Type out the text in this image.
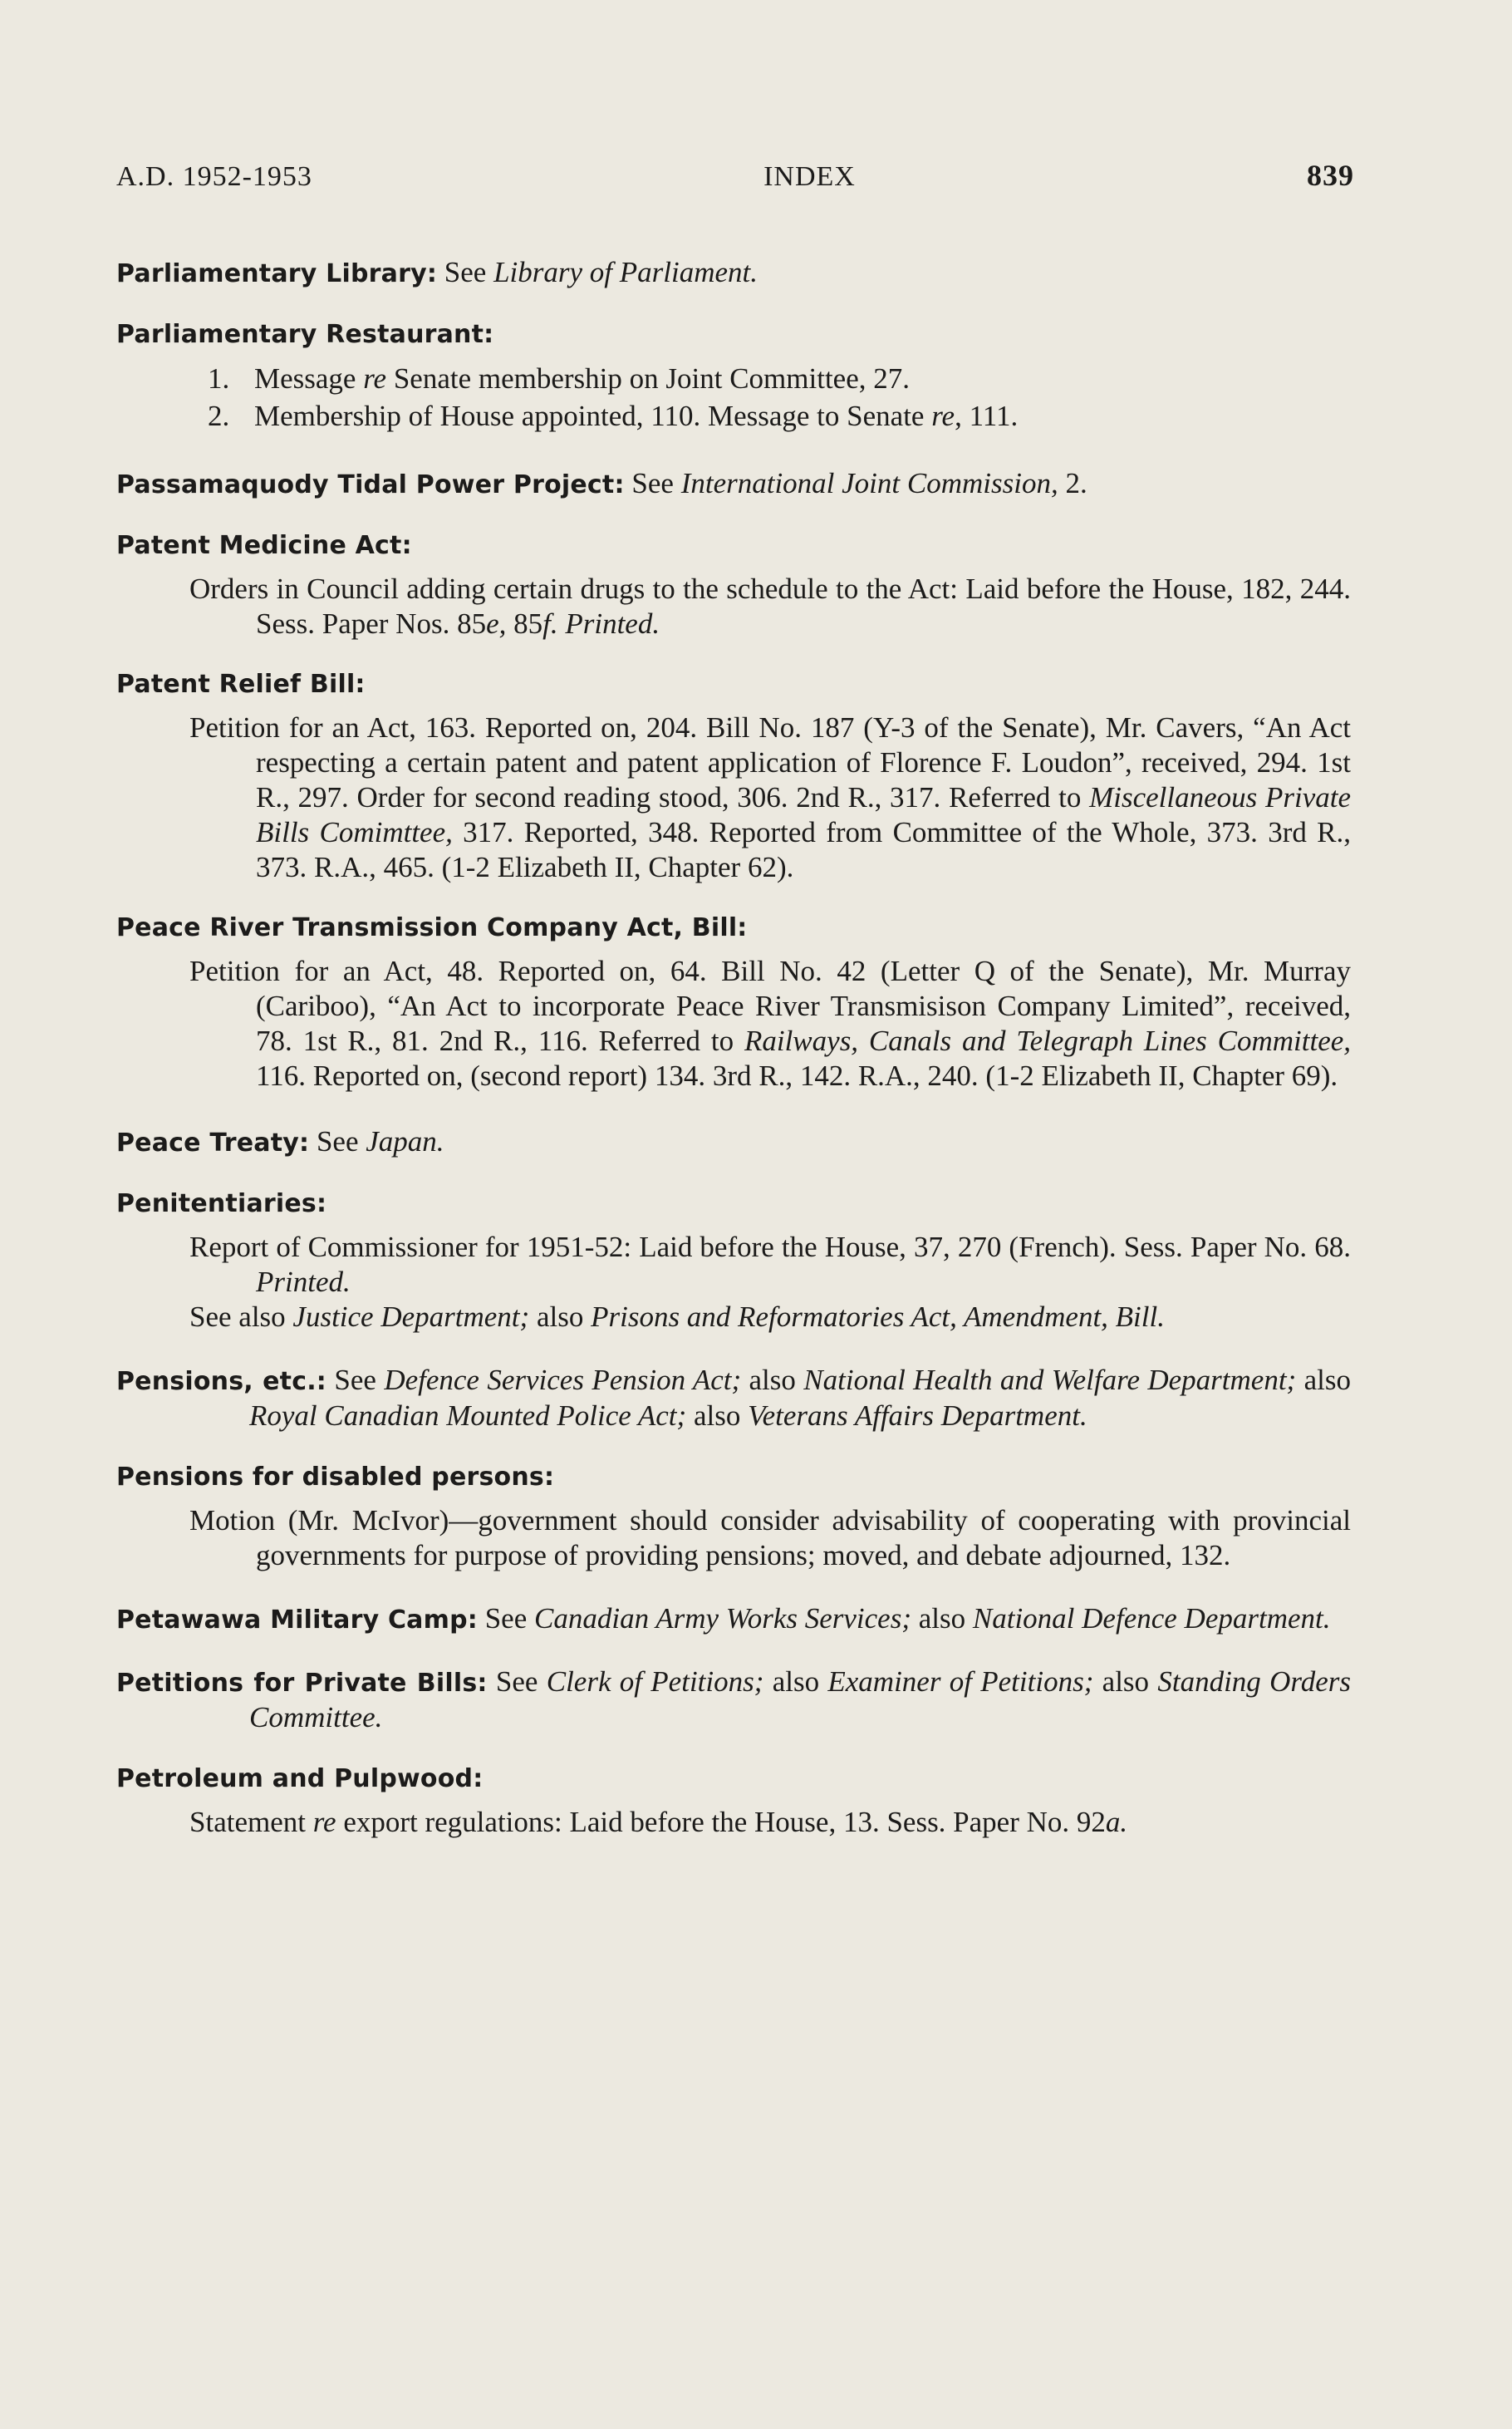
A.D. 1952-1953	INDEX	839
Parliamentary Library: See Library of Parliament.
Parliamentary Restaurant:
1. Message re Senate membership on Joint Committee, 27.
2. Membership of House appointed, 110. Message to Senate re, 111.
Passamaquody Tidal Power Project: See International Joint Commission, 2.
Patent Medicine Act:
Orders in Council adding certain drugs to the schedule to the Act: Laid before the House, 182, 244. Sess. Paper Nos. 85e, 85f. Printed.
Patent Relief Bill:
Petition for an Act, 163. Reported on, 204. Bill No. 187 (Y-3 of the Senate), Mr. Cavers, “An Act respecting a certain patent and patent application of Florence F. Loudon”, received, 294. 1st R., 297. Order for second reading stood, 306. 2nd R., 317. Referred to Miscellaneous Private Bills Comimttee, 317. Reported, 348. Reported from Committee of the Whole, 373. 3rd R., 373. R.A., 465. (1-2 Elizabeth II, Chapter 62).
Peace River Transmission Company Act, Bill:
Petition for an Act, 48. Reported on, 64. Bill No. 42 (Letter Q of the Senate), Mr. Murray (Cariboo), “An Act to incorporate Peace River Transmisison Company Limited”, received, 78. 1st R., 81. 2nd R., 116. Referred to Railways, Canals and Telegraph Lines Committee, 116. Reported on, (second report) 134. 3rd R., 142. R.A., 240. (1-2 Elizabeth II, Chapter 69).
Peace Treaty: See Japan.
Penitentiaries:
Report of Commissioner for 1951-52: Laid before the House, 37, 270 (French). Sess. Paper No. 68. Printed.
See also Justice Department; also Prisons and Reformatories Act, Amendment, Bill.
Pensions, etc.: See Defence Services Pension Act; also National Health and Welfare Department; also Royal Canadian Mounted Police Act; also Veterans Affairs Department.
Pensions for disabled persons:
Motion (Mr. McIvor)—government should consider advisability of cooperating with provincial governments for purpose of providing pensions; moved, and debate adjourned, 132.
Petawawa Military Camp: See Canadian Army Works Services; also National Defence Department.
Petitions for Private Bills: See Clerk of Petitions; also Examiner of Petitions; also Standing Orders Committee.
Petroleum and Pulpwood:
Statement re export regulations: Laid before the House, 13. Sess. Paper No. 92a.
